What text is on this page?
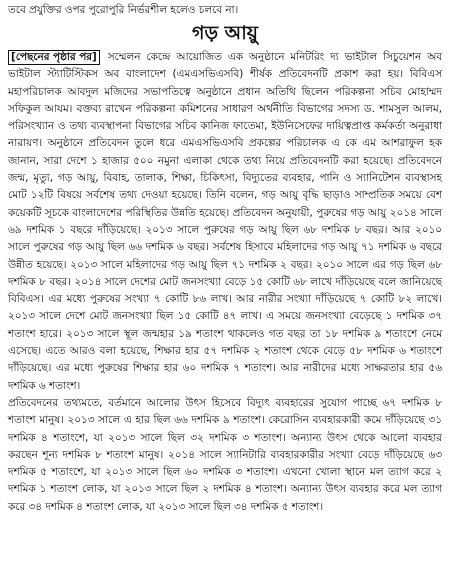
তবে প্রযুক্তির ওপর পুরোপুরি নির্ভরশীল হলেও চলবে না।
গড় আয়ু
[পেছনের পৃষ্ঠার পর] সম্মেলন কেন্দ্রে আয়োজিত এক অনুষ্ঠানে মনিটরিং দ্য ভাইটাল সিচুয়েশন অব ভাইটাল স্ট্যাটিস্টিকস অব বাংলাদেশ (এমএসভিএসবি) শীর্ষক প্রতিবেদনটি প্রকাশ করা হয়। বিবিএস মহাপরিচালক আবদুল মজিদের সভাপতিত্বে অনুষ্ঠানে প্রধান অতিথি ছিলেন পরিকল্পনা সচিব মোহাম্মদ সফিকুল আযম। বক্তব্য রাখেন পরিকল্পনা কমিশনের সাধারণ অর্থনীতি বিভাগের সদস্য ড. শামসুল আলম, পরিসংখ্যান ও তথ্য ব্যবস্থাপনা বিভাগের সচিব কানিজ ফাতেমা, ইউনিসেফের দায়িত্বপ্রাপ্ত কর্মকর্তা অনুরাধা নারায়ণ। অনুষ্ঠানে প্রতিবেদন তুলে ধরে এমএসভিএসবি প্রকল্পের পরিচালক এ কে এম আশরাফুল হক জানান, সারা দেশে ১ হাজার ৫০০ নমুনা এলাকা থেকে তথ্য নিয়ে প্রতিবেদনটি করা হয়েছে। প্রতিবেদনে জন্ম, মৃত্যু, গড় আয়ু, বিবাহ, তালাক, শিক্ষা, চিকিৎসা, বিদ্যুতের ব্যবহার, পানি ও স্যানিটেশন ব্যবস্থাসহ মোট ১২টি বিষয়ে সর্বশেষ তথ্য দেওয়া হয়েছে। তিনি বলেন, গড় আয়ু বৃদ্ধি ছাড়াও সাম্প্রতিক সময়ে বেশ কয়েকটি সূচকে বাংলাদেশের পরিস্থিতির উন্নতি হয়েছে। প্রতিবেদন অনুযায়ী, পুরুষের গড় আয়ু ২০১৪ সালে ৬৯ দশমিক ১ বছরে দাঁড়িয়েছে। ২০১৩ সালে পুরুষের গড় আয়ু ছিল ৬৮ দশমিক ৮ বছর। আর ২০১০ সালে পুরুষের গড় আয়ু ছিল ৬৬ দশমিক ৬ বছর। সর্বশেষ হিসাবে মহিলাদের গড় আয়ু ৭১ দশমিক ৬ বছরে উন্নীত হয়েছে। ২০১৩ সালে মহিলাদের গড় আয়ু ছিল ৭১ দশমিক ২ বছর। ২০১০ সালে এর গড় ছিল ৬৮ দশমিক ৮ বছর। ২০১৪ সালে দেশের মোট জনসংখ্যা বেড়ে ১৫ কোটি ৬৮ লাখে দাঁড়িয়েছে বলে জানিয়েছে বিবিএস। এর মধ্যে পুরুষের সংখ্যা ৭ কোটি ৮৬ লাখ। আর নারীর সংখ্যা দাঁড়িয়েছে ৭ কোটি ৮২ লাখে। ২০১৩ সালে দেশে মোট জনসংখ্যা ছিল ১৫ কোটি ৪৭ লাখ। এ সময়ে জনসংখ্যা বেড়েছে ১ দশমিক ৩৭ শতাংশ হারে। ২০১৩ সালে স্থূল জন্মহার ১৯ শতাংশ থাকলেও গত বছর তা ১৮ দশমিক ৯ শতাংশে নেমে এসেছে। এতে আরও বলা হয়েছে, শিক্ষার হার ৫৭ দশমিক ২ শতাংশ থেকে বেড়ে ৫৮ দশমিক ৬ শতাংশে দাঁড়িয়েছে। এর মধ্যে পুরুষের শিক্ষার হার ৬০ দশমিক ৭ শতাংশ। আর নারীদের মধ্যে সাক্ষরতার হার ৫৬ দশমিক ৬ শতাংশ।
প্রতিবেদনের তথ্যমতে, বর্তমানে আলোর উৎস হিসেবে বিদ্যুৎ ব্যবহারের সুযোগ পাচ্ছে ৬৭ দশমিক ৮ শতাংশ মানুষ। ২০১৩ সালে এ হার ছিল ৬৬ দশমিক ৯ শতাংশ। কেরোসিন ব্যবহারকারী কমে দাঁড়িয়েছে ৩১ দশমিক ৪ শতাংশে, যা ২০১৩ সালে ছিল ৩২ দশমিক ৩ শতাংশ। অন্যান্য উৎস থেকে আলো ব্যবহার করছেন শূন্য দশমিক ৮ শতাংশ মানুষ। ২০১৪ সালে স্যানিটারি ব্যবহারকারীর সংখ্যা বেড়ে দাঁড়িয়েছে ৬৩ দশমিক ৫ শতাংশে, যা ২০১৩ সালে ছিল ৬০ দশমিক ৩ শতাংশ। এখনো খোলা স্থানে মল ত্যাগ করে ২ দশমিক ১ শতাংশ লোক, যা ২০১৩ সালে ছিল ২ দশমিক ৪ শতাংশ। অন্যান্য উৎস ব্যবহার করে মল ত্যাগ করে ৩৪ দশমিক ৪ শতাংশ লোক, যা ২০১৩ সালে ছিল ৩৪ দশমিক ৫ শতাংশ।
